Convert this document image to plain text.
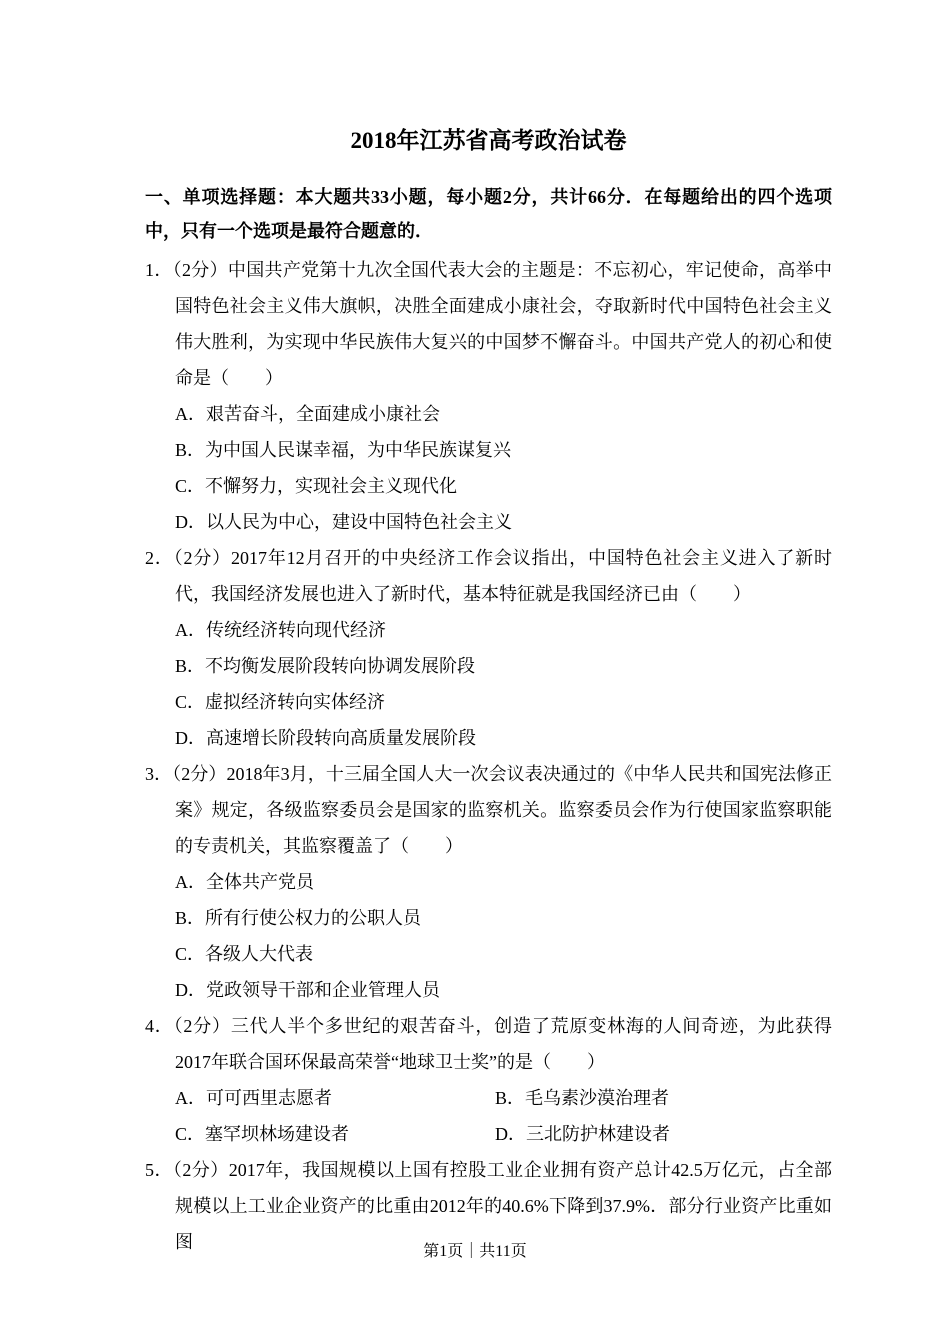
2018年江苏省高考政治试卷

一、单项选择题：本大题共33小题，每小题2分，共计66分．在每题给出的四个选项中，只有一个选项是最符合题意的．

1．（2分）中国共产党第十九次全国代表大会的主题是：不忘初心，牢记使命，高举中国特色社会主义伟大旗帜，决胜全面建成小康社会，夺取新时代中国特色社会主义伟大胜利，为实现中华民族伟大复兴的中国梦不懈奋斗。中国共产党人的初心和使命是（　　）

A．艰苦奋斗，全面建成小康社会

B．为中国人民谋幸福，为中华民族谋复兴

C．不懈努力，实现社会主义现代化

D．以人民为中心，建设中国特色社会主义

2．（2分）2017年12月召开的中央经济工作会议指出，中国特色社会主义进入了新时代，我国经济发展也进入了新时代，基本特征就是我国经济已由（　　）

A．传统经济转向现代经济

B．不均衡发展阶段转向协调发展阶段

C．虚拟经济转向实体经济

D．高速增长阶段转向高质量发展阶段

3．（2分）2018年3月，十三届全国人大一次会议表决通过的《中华人民共和国宪法修正案》规定，各级监察委员会是国家的监察机关。监察委员会作为行使国家监察职能的专责机关，其监察覆盖了（　　）

A．全体共产党员

B．所有行使公权力的公职人员

C．各级人大代表

D．党政领导干部和企业管理人员

4．（2分）三代人半个多世纪的艰苦奋斗，创造了荒原变林海的人间奇迹，为此获得2017年联合国环保最高荣誉“地球卫士奖”的是（　　）

A．可可西里志愿者	B．毛乌素沙漠治理者
C．塞罕坝林场建设者	D．三北防护林建设者

5．（2分）2017年，我国规模以上国有控股工业企业拥有资产总计42.5万亿元，占全部规模以上工业企业资产的比重由2012年的40.6%下降到37.9%．部分行业资产比重如图	第1页｜共11页
